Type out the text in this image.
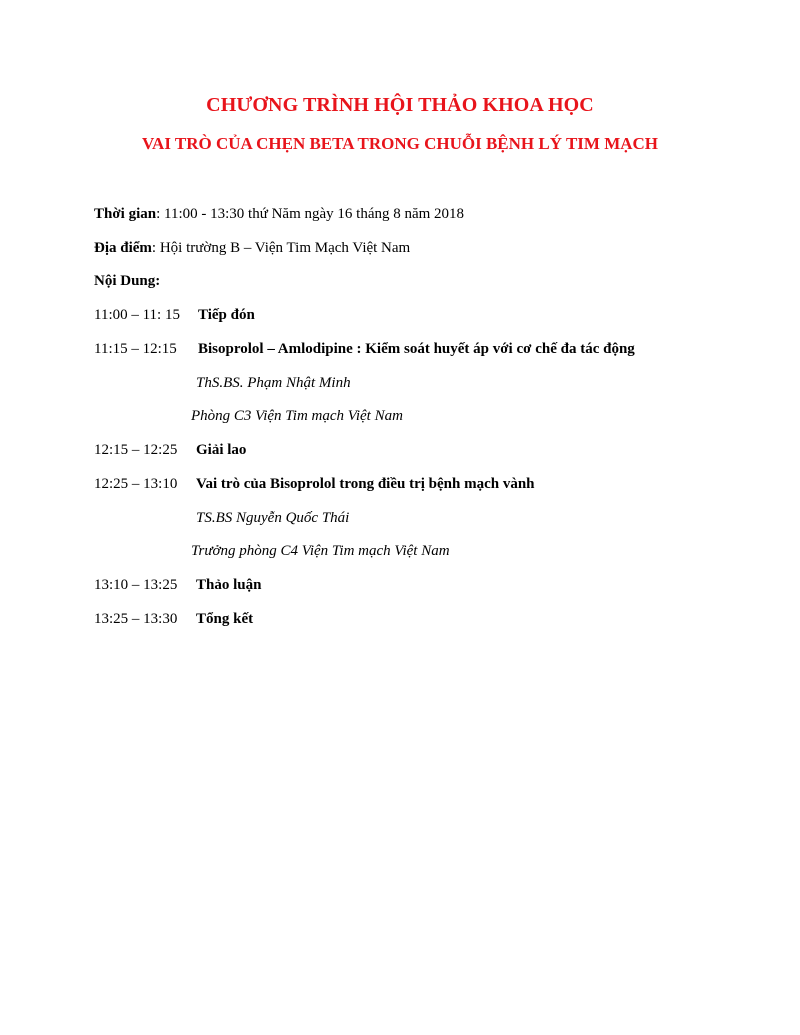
CHƯƠNG TRÌNH HỘI THẢO KHOA HỌC
VAI TRÒ CỦA CHẸN BETA TRONG CHUỖI BỆNH LÝ TIM MẠCH
Thời gian: 11:00 - 13:30 thứ Năm ngày 16 tháng 8 năm 2018
Địa điểm: Hội trường B – Viện Tim Mạch Việt Nam
Nội Dung:
11:00 – 11: 15 Tiếp đón
11:15 – 12:15 Bisoprolol – Amlodipine : Kiểm soát huyết áp với cơ chế đa tác động
ThS.BS. Phạm Nhật Minh
Phòng C3 Viện Tim mạch Việt Nam
12:15 – 12:25 Giải lao
12:25 – 13:10 Vai trò của Bisoprolol trong điều trị bệnh mạch vành
TS.BS Nguyễn Quốc Thái
Trưởng phòng C4 Viện Tim mạch Việt Nam
13:10 – 13:25 Thảo luận
13:25 – 13:30 Tổng kết
